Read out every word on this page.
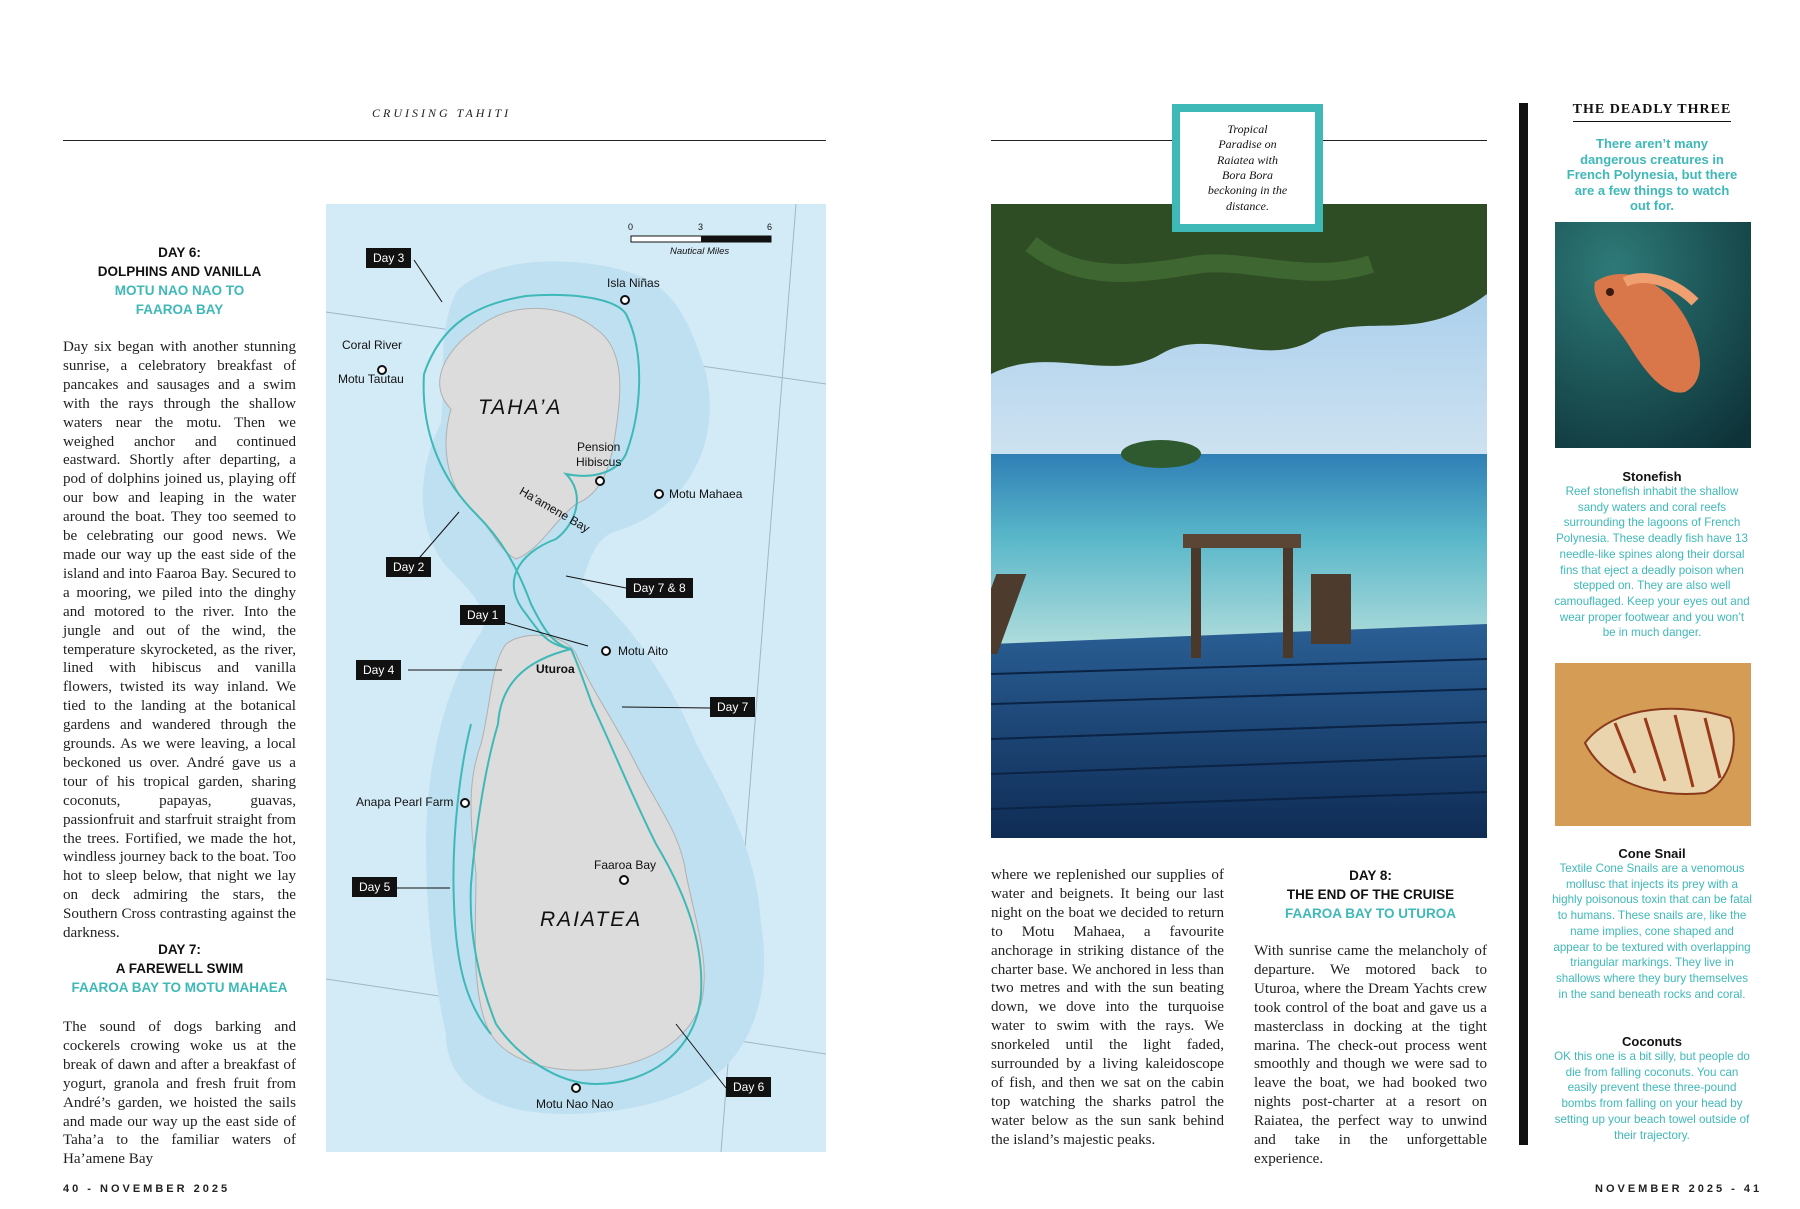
CRUISING TAHITI
DAY 6:
DOLPHINS AND VANILLA
MOTU NAO NAO TO
FAAROA BAY
Day six began with another stunning sunrise, a celebratory breakfast of pancakes and sausages and a swim with the rays through the shallow waters near the motu. Then we weighed anchor and continued eastward. Shortly after departing, a pod of dolphins joined us, playing off our bow and leaping in the water around the boat. They too seemed to be celebrating our good news. We made our way up the east side of the island and into Faaroa Bay. Secured to a mooring, we piled into the dinghy and motored to the river. Into the jungle and out of the wind, the temperature skyrocketed, as the river, lined with hibiscus and vanilla flowers, twisted its way inland. We tied to the landing at the botanical gardens and wandered through the grounds. As we were leaving, a local beckoned us over. André gave us a tour of his tropical garden, sharing coconuts, papayas, guavas, passionfruit and starfruit straight from the trees. Fortified, we made the hot, windless journey back to the boat. Too hot to sleep below, that night we lay on deck admiring the stars, the Southern Cross contrasting against the darkness.
DAY 7:
A FAREWELL SWIM
FAAROA BAY TO MOTU MAHAEA
The sound of dogs barking and cockerels crowing woke us at the break of dawn and after a breakfast of yogurt, granola and fresh fruit from André’s garden, we hoisted the sails and made our way up the east side of Taha’a to the familiar waters of Ha’amene Bay
0	3	6
Nautical Miles
TAHA’A
RAIATEA
Isla Niñas
Coral River
Motu Tautau
Pension
Hibiscus
Ha’amene Bay	Motu Mahaea
Motu Aito
Uturoa
Anapa Pearl Farm
Faaroa Bay
Motu Nao Nao
Day 3
Day 2
Day 7 & 8
Day 1
Day 4
Day 7
Day 5
Day 6
40 - NOVEMBER 2025
Tropical Paradise on Raiatea with Bora Bora beckoning in the distance.
where we replenished our supplies of water and beignets. It being our last night on the boat we decided to return to Motu Mahaea, a favourite anchorage in striking distance of the charter base. We anchored in less than two metres and with the sun beating down, we dove into the turquoise water to swim with the rays. We snorkeled until the light faded, surrounded by a living kaleidoscope of fish, and then we sat on the cabin top watching the sharks patrol the water below as the sun sank behind the island’s majestic peaks.
DAY 8:
THE END OF THE CRUISE
FAAROA BAY TO UTUROA
With sunrise came the melancholy of departure. We motored back to Uturoa, where the Dream Yachts crew took control of the boat and gave us a masterclass in docking at the tight marina. The check-out process went smoothly and though we were sad to leave the boat, we had booked two nights post-charter at a resort on Raiatea, the perfect way to unwind and take in the unforgettable experience.
THE DEADLY THREE
There aren’t many dangerous creatures in French Polynesia, but there are a few things to watch out for.
Stonefish
Reef stonefish inhabit the shallow sandy waters and coral reefs surrounding the lagoons of French Polynesia. These deadly fish have 13 needle-like spines along their dorsal fins that eject a deadly poison when stepped on. They are also well camouflaged. Keep your eyes out and wear proper footwear and you won’t be in much danger.
Cone Snail
Textile Cone Snails are a venomous mollusc that injects its prey with a highly poisonous toxin that can be fatal to humans. These snails are, like the name implies, cone shaped and appear to be textured with overlapping triangular markings. They live in shallows where they bury themselves in the sand beneath rocks and coral.
Coconuts
OK this one is a bit silly, but people do die from falling coconuts. You can easily prevent these three-pound bombs from falling on your head by setting up your beach towel outside of their trajectory.
NOVEMBER 2025 - 41
